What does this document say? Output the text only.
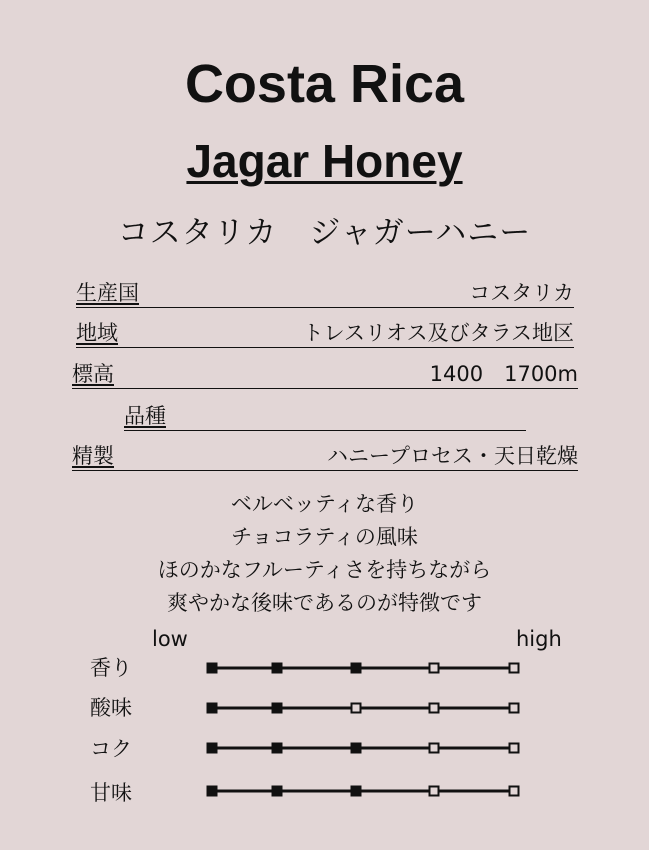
Costa Rica
Jagar Honey
コスタリカ　ジャガーハニー
生産国	コスタリカ
地域	トレスリオス及びタラス地区
標高	1400　1700m
品種
精製	ハニープロセス・天日乾燥
ベルベッティな香り
チョコラティの風味
ほのかなフルーティさを持ちながら
爽やかな後味であるのが特徴です
low	high
香り
酸味
コク
甘味
